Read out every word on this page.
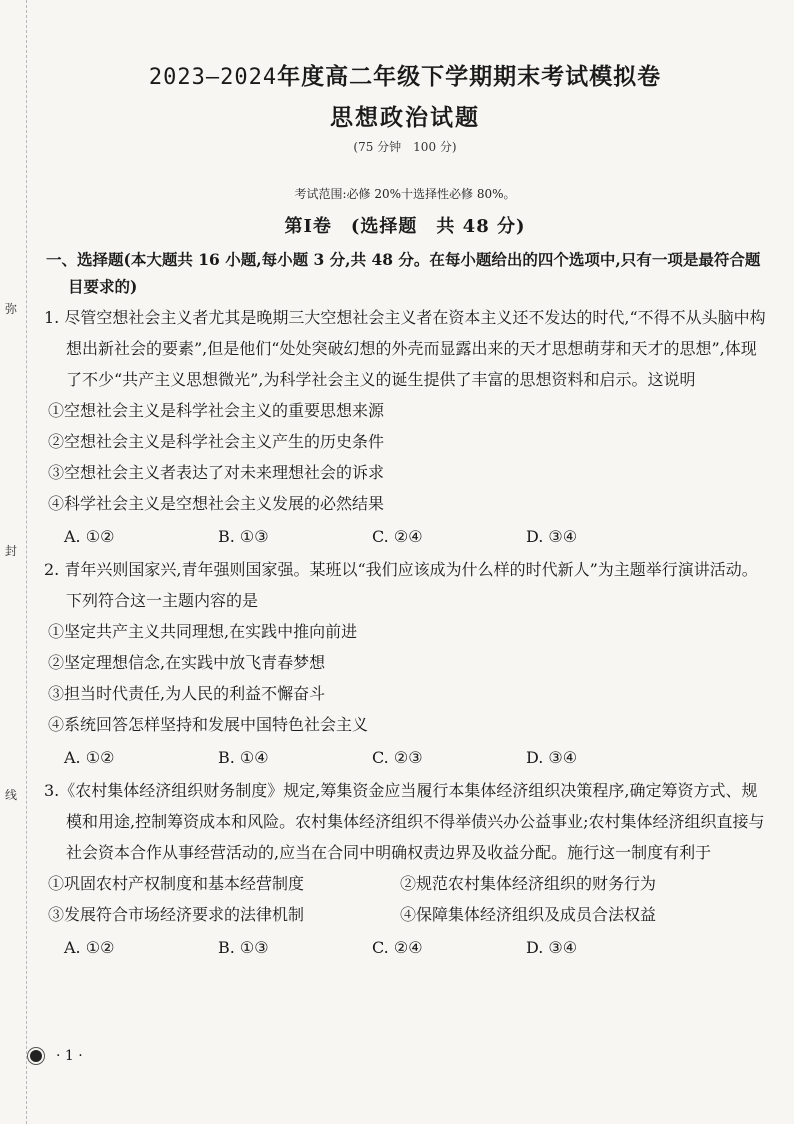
弥
封
线
2023—2024年度高二年级下学期期末考试模拟卷
思想政治试题
(75 分钟　100 分)
考试范围:必修 20%十选择性必修 80%。
第Ⅰ卷　(选择题　共 48 分)
一、选择题(本大题共 16 小题,每小题 3 分,共 48 分。在每小题给出的四个选项中,只有一项是最符合题目要求的)
1. 尽管空想社会主义者尤其是晚期三大空想社会主义者在资本主义还不发达的时代,“不得不从头脑中构想出新社会的要素”,但是他们“处处突破幻想的外壳而显露出来的天才思想萌芽和天才的思想”,体现了不少“共产主义思想微光”,为科学社会主义的诞生提供了丰富的思想资料和启示。这说明
①空想社会主义是科学社会主义的重要思想来源
②空想社会主义是科学社会主义产生的历史条件
③空想社会主义者表达了对未来理想社会的诉求
④科学社会主义是空想社会主义发展的必然结果
A. ①②	B. ①③	C. ②④	D. ③④
2. 青年兴则国家兴,青年强则国家强。某班以“我们应该成为什么样的时代新人”为主题举行演讲活动。下列符合这一主题内容的是
①坚定共产主义共同理想,在实践中推向前进
②坚定理想信念,在实践中放飞青春梦想
③担当时代责任,为人民的利益不懈奋斗
④系统回答怎样坚持和发展中国特色社会主义
A. ①②	B. ①④	C. ②③	D. ③④
3.《农村集体经济组织财务制度》规定,筹集资金应当履行本集体经济组织决策程序,确定筹资方式、规模和用途,控制筹资成本和风险。农村集体经济组织不得举债兴办公益事业;农村集体经济组织直接与社会资本合作从事经营活动的,应当在合同中明确权责边界及收益分配。施行这一制度有利于
①巩固农村产权制度和基本经营制度	②规范农村集体经济组织的财务行为
③发展符合市场经济要求的法律机制	④保障集体经济组织及成员合法权益
A. ①②	B. ①③	C. ②④	D. ③④
· 1 ·
